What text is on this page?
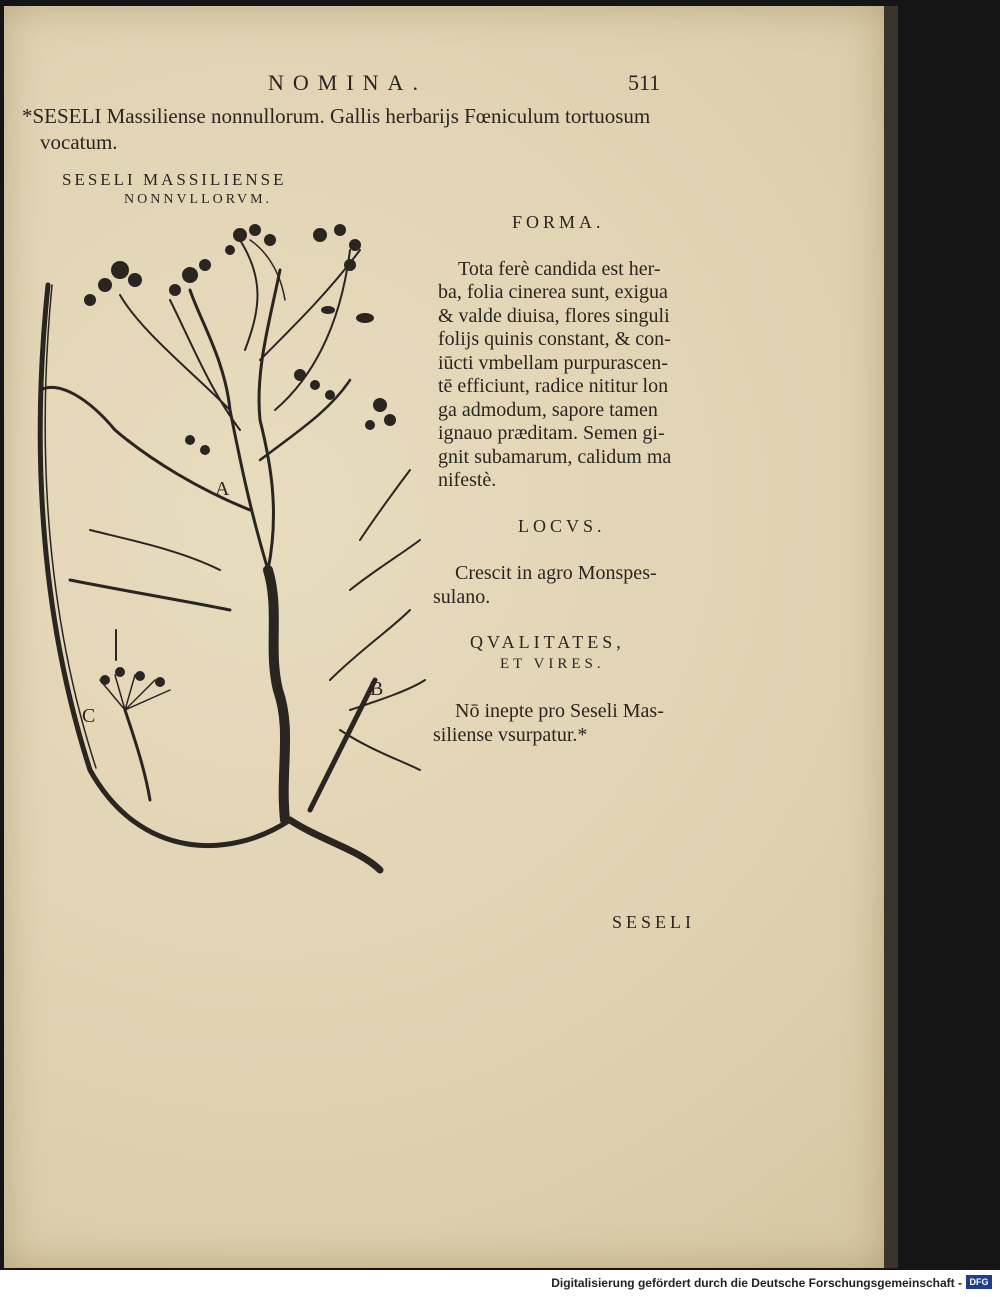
NOMINA.	511
*SESELI Massiliense nonnullorum. Gallis herbarijs Fœniculum tortuosum
vocatum.
SESELI MASSILIENSE
NONNVLLORVM.
A
B
C
FORMA.
Tota ferè candida est her-
ba, folia cinerea sunt, exigua
& valde diuisa, flores singuli
folijs quinis constant, & con-
iūcti vmbellam purpurascen-
tē efficiunt, radice nititur lon
ga admodum, sapore tamen
ignauo præditam. Semen gi-
gnit subamarum, calidum ma
nifestè.
LOCVS.
Crescit in agro Monspes-
sulano.
QVALITATES,
ET VIRES.
Nō inepte pro Seseli Mas-
siliense vsurpatur.*
SESELI
Digitalisierung gefördert durch die Deutsche Forschungsgemeinschaft - DFG
